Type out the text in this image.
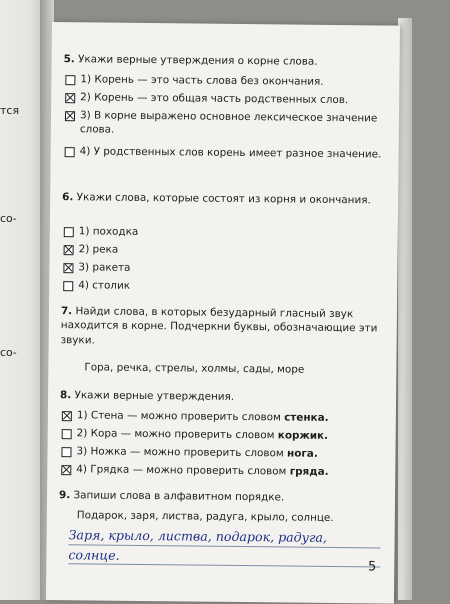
тся
со-
со-
5. Укажи верные утверждения о корне слова.
1) Корень — это часть слова без окончания.
2) Корень — это общая часть родственных слов.
3) В корне выражено основное лексическое значение слова.
4) У родственных слов корень имеет разное значение.
6. Укажи слова, которые состоят из корня и окончания.
1) походка
2) река
3) ракета
4) столик
7. Найди слова, в которых безударный гласный звук находится в корне. Подчеркни буквы, обозначающие эти звуки.
Гора, речка, стрелы, холмы, сады, море
8. Укажи верные утверждения.
1) Стена — можно проверить словом стенка.
2) Кора — можно проверить словом коржик.
3) Ножка — можно проверить словом нога.
4) Грядка — можно проверить словом гряда.
9. Запиши слова в алфавитном порядке.
Подарок, заря, листва, радуга, крыло, солнце.
Заря, крыло, листва, подарок, радуга,
солнце.
5
